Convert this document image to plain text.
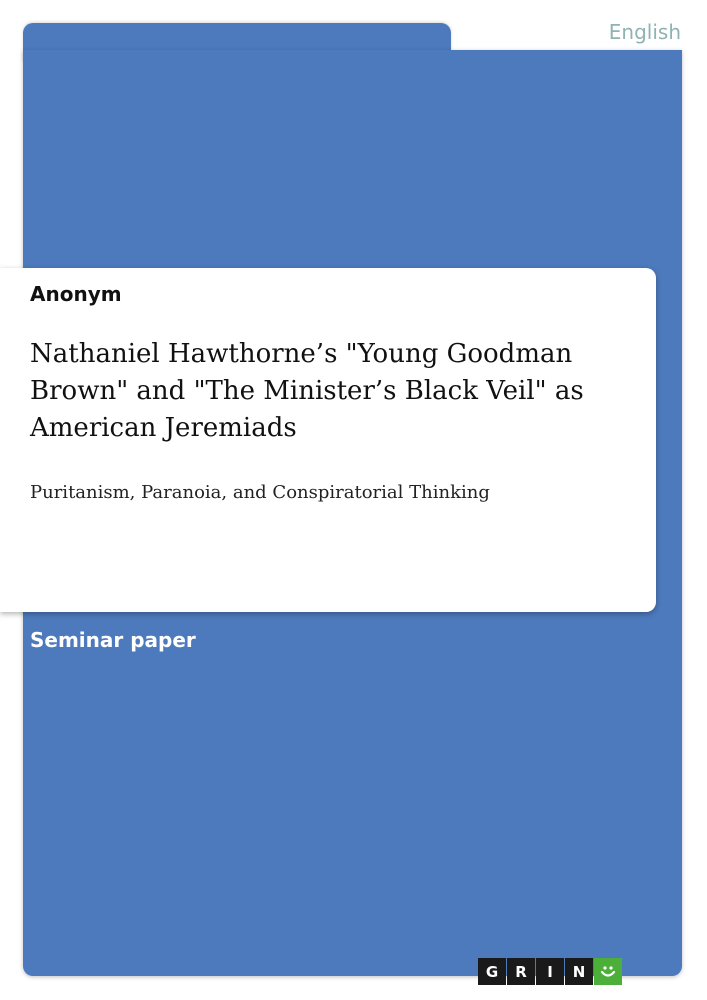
English
Anonym
Nathaniel Hawthorne’s "Young Goodman Brown" and "The Minister’s Black Veil" as American Jeremiads
Puritanism, Paranoia, and Conspiratorial Thinking
Seminar paper
G	R	I	N
